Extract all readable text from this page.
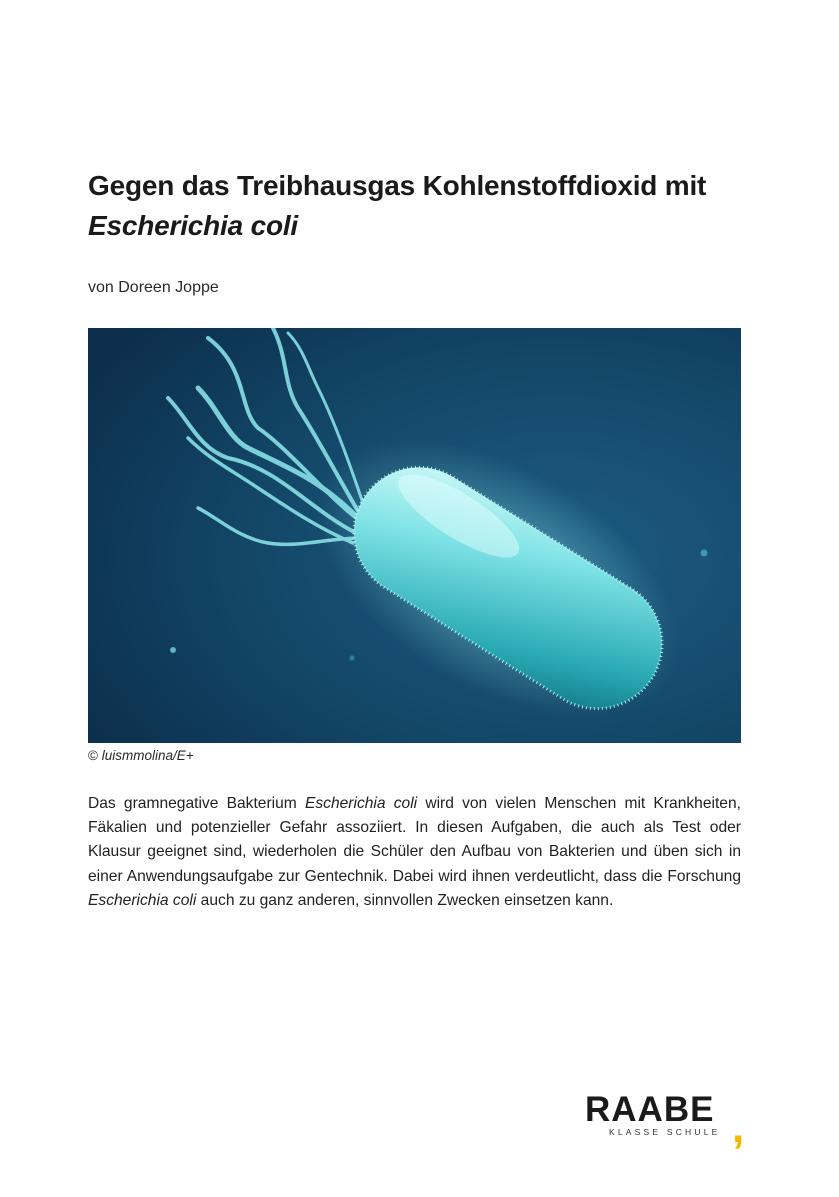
Gegen das Treibhausgas Kohlenstoffdioxid mit
Escherichia coli
von Doreen Joppe
© luismmolina/E+

Das gramnegative Bakterium Escherichia coli wird von vielen Menschen mit Krankheiten, Fäkalien und potenzieller Gefahr assoziiert. In diesen Aufgaben, die auch als Test oder Klausur geeignet sind, wiederholen die Schüler den Aufbau von Bakterien und üben sich in einer Anwendungsaufgabe zur Gentechnik. Dabei wird ihnen verdeutlicht, dass die Forschung Escherichia coli auch zu ganz anderen, sinnvollen Zwecken einsetzen kann.

RAABE ,
KLASSE SCHULE
